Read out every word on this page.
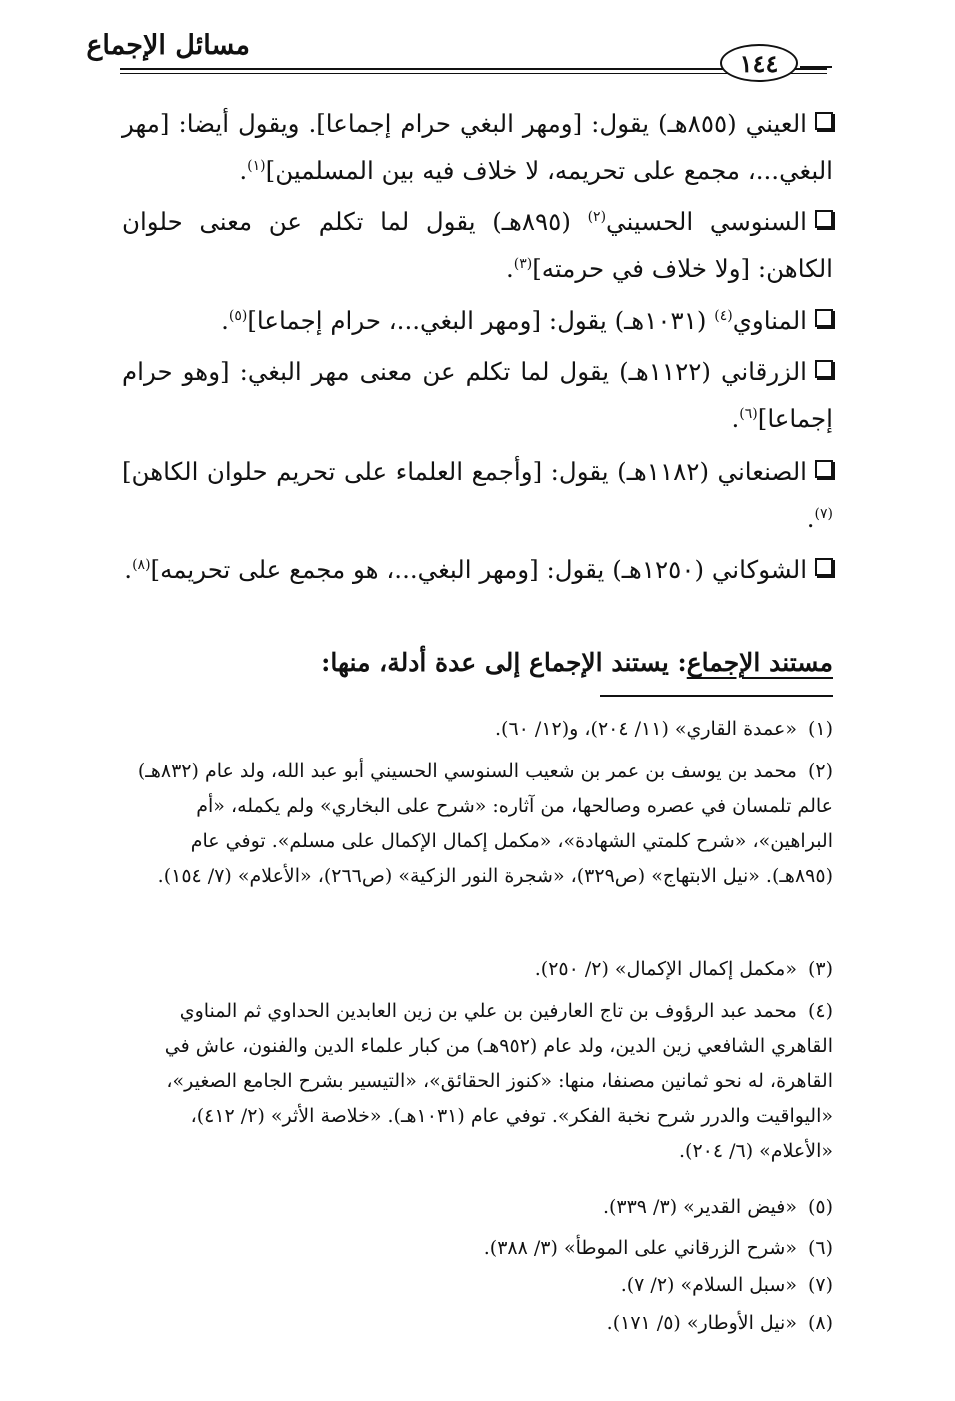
مسائل الإجماع
١٤٤
العيني (٨٥٥هـ) يقول: [ومهر البغي حرام إجماعا]. ويقول أيضا: [مهر البغي...، مجمع على تحريمه، لا خلاف فيه بين المسلمين]$^{(١)}$.
السنوسي الحسيني$^{(٢)}$ (٨٩٥هـ) يقول لما تكلم عن معنى حلوان الكاهن: [ولا خلاف في حرمته]$^{(٣)}$.
المناوي$^{(٤)}$ (١٠٣١هـ) يقول: [ومهر البغي...، حرام إجماعا]$^{(٥)}$.
الزرقاني (١١٢٢هـ) يقول لما تكلم عن معنى مهر البغي: [وهو حرام إجماعا]$^{(٦)}$.
الصنعاني (١١٨٢هـ) يقول: [وأجمع العلماء على تحريم حلوان الكاهن]$^{(٧)}$.
الشوكاني (١٢٥٠هـ) يقول: [ومهر البغي...، هو مجمع على تحريمه]$^{(٨)}$.
مستند الإجماع: يستند الإجماع إلى عدة أدلة، منها:
(١) «عمدة القاري» (١١/ ٢٠٤)، و(١٢/ ٦٠).
(٢) محمد بن يوسف بن عمر بن شعيب السنوسي الحسيني أبو عبد الله، ولد عام (٨٣٢هـ) عالم تلمسان في عصره وصالحها، من آثاره: «شرح على البخاري» ولم يكمله، «أم البراهين»، «شرح كلمتي الشهادة»، «مكمل إكمال الإكمال على مسلم». توفي عام (٨٩٥هـ). «نيل الابتهاج» (ص٣٢٩)، «شجرة النور الزكية» (ص٢٦٦)، «الأعلام» (٧/ ١٥٤).
(٣) «مكمل إكمال الإكمال» (٢/ ٢٥٠).
(٤) محمد عبد الرؤوف بن تاج العارفين بن علي بن زين العابدين الحداوي ثم المناوي القاهري الشافعي زين الدين، ولد عام (٩٥٢هـ) من كبار علماء الدين والفنون، عاش في القاهرة، له نحو ثمانين مصنفا، منها: «كنوز الحقائق»، «التيسير بشرح الجامع الصغير»، «اليواقيت والدرر شرح نخبة الفكر». توفي عام (١٠٣١هـ). «خلاصة الأثر» (٢/ ٤١٢)، «الأعلام» (٦/ ٢٠٤).
(٥) «فيض القدير» (٣/ ٣٣٩).
(٦) «شرح الزرقاني على الموطأ» (٣/ ٣٨٨).
(٧) «سبل السلام» (٢/ ٧).
(٨) «نيل الأوطار» (٥/ ١٧١).
